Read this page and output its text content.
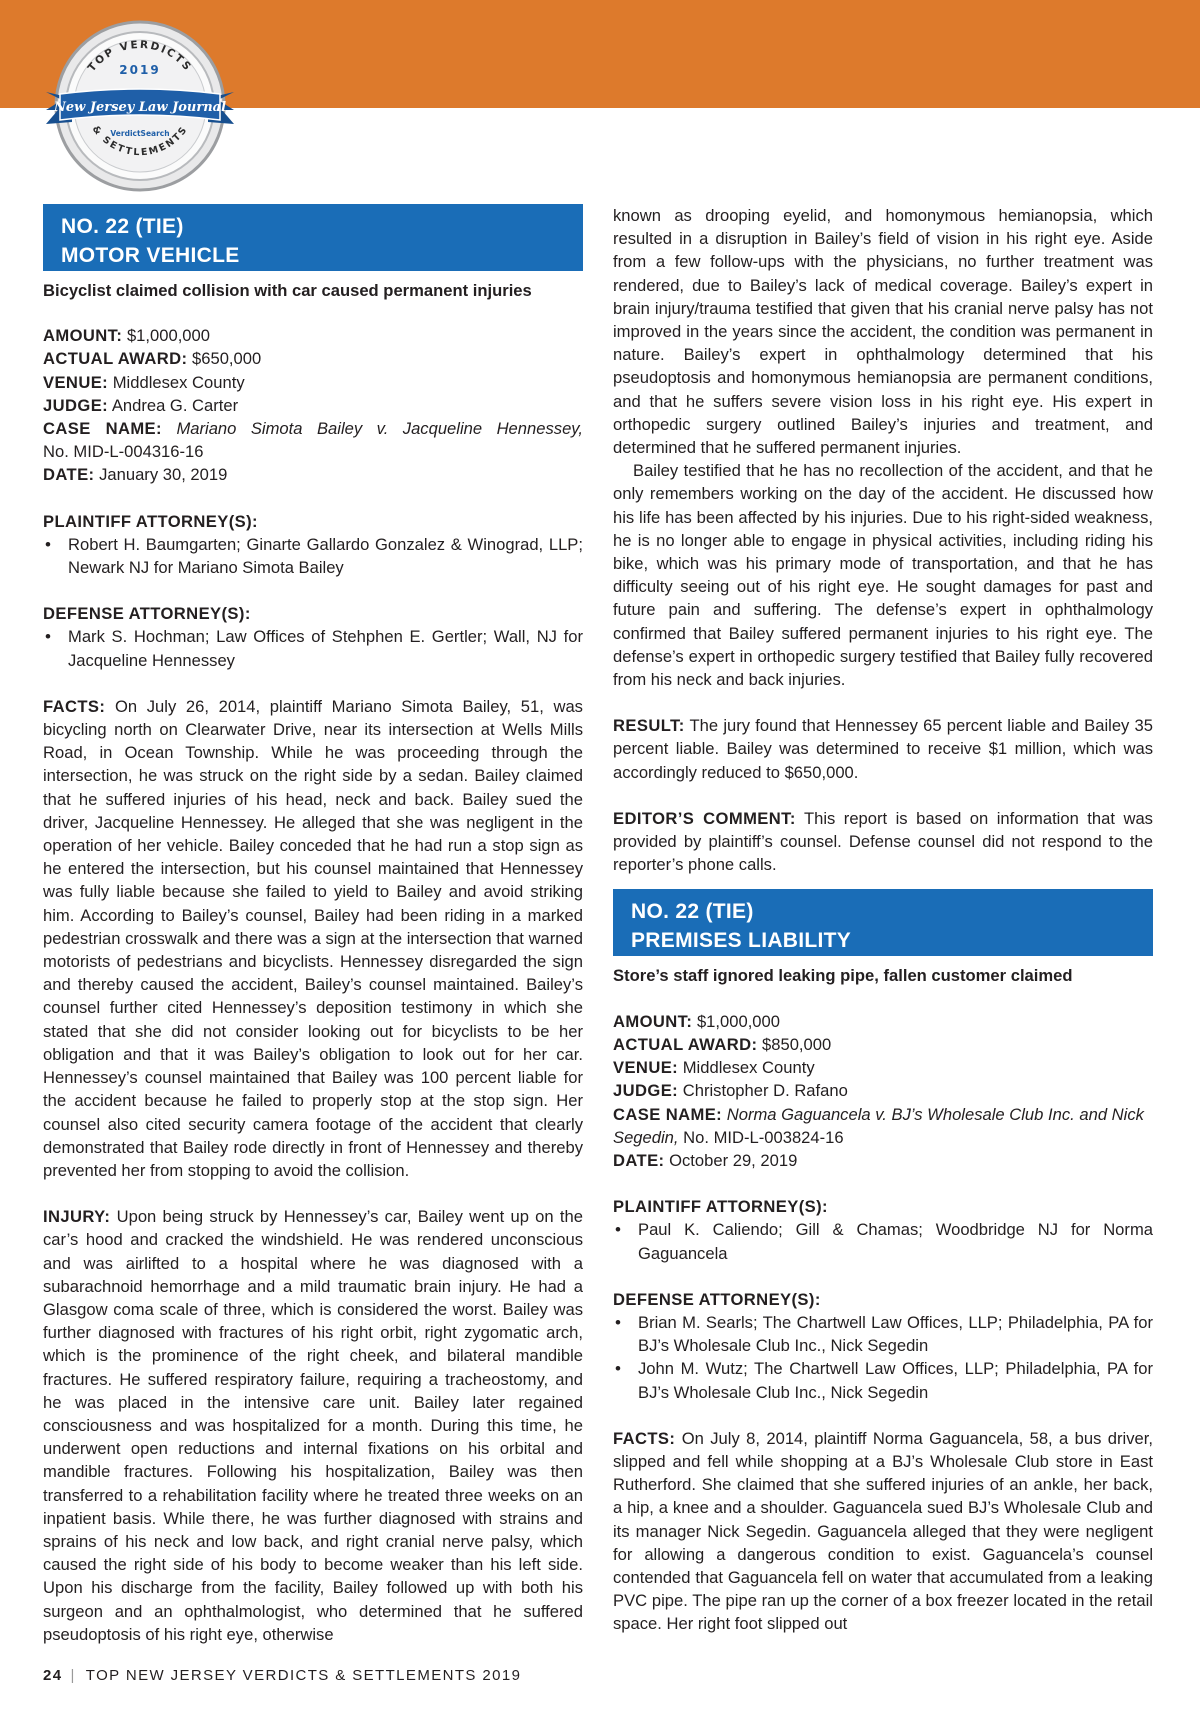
TOP VERDICTS
2019
New Jersey Law Journal
VerdictSearch
& SETTLEMENTS
NO. 22 (TIE)
MOTOR VEHICLE
Bicyclist claimed collision with car caused permanent injuries
AMOUNT: $1,000,000
ACTUAL AWARD: $650,000
VENUE: Middlesex County
JUDGE: Andrea G. Carter
CASE NAME: Mariano Simota Bailey v. Jacqueline Hennessey,
No. MID-L-004316-16
DATE: January 30, 2019
PLAINTIFF ATTORNEY(S):
• Robert H. Baumgarten; Ginarte Gallardo Gonzalez & Winograd, LLP; Newark NJ for Mariano Simota Bailey
DEFENSE ATTORNEY(S):
• Mark S. Hochman; Law Offices of Stehphen E. Gertler; Wall, NJ for Jacqueline Hennessey

FACTS: On July 26, 2014, plaintiff Mariano Simota Bailey, 51, was bicycling north on Clearwater Drive, near its intersection at Wells Mills Road, in Ocean Township. While he was proceeding through the intersection, he was struck on the right side by a sedan. Bailey claimed that he suffered injuries of his head, neck and back. Bailey sued the driver, Jacqueline Hennessey. He alleged that she was negligent in the operation of her vehicle. Bailey conceded that he had run a stop sign as he entered the intersection, but his counsel maintained that Hennessey was fully liable because she failed to yield to Bailey and avoid striking him. According to Bailey’s counsel, Bailey had been riding in a marked pedestrian crosswalk and there was a sign at the intersection that warned motorists of pedestrians and bicyclists. Hennessey disregarded the sign and thereby caused the accident, Bailey’s counsel maintained. Bailey’s counsel further cited Hennessey’s deposition testimony in which she stated that she did not consider looking out for bicyclists to be her obligation and that it was Bailey’s obligation to look out for her car. Hennessey’s counsel maintained that Bailey was 100 percent liable for the accident because he failed to properly stop at the stop sign. Her counsel also cited security camera footage of the accident that clearly demonstrated that Bailey rode directly in front of Hennessey and thereby prevented her from stopping to avoid the collision.

INJURY: Upon being struck by Hennessey’s car, Bailey went up on the car’s hood and cracked the windshield. He was rendered unconscious and was airlifted to a hospital where he was diagnosed with a subarachnoid hemorrhage and a mild traumatic brain injury. He had a Glasgow coma scale of three, which is considered the worst. Bailey was further diagnosed with fractures of his right orbit, right zygomatic arch, which is the prominence of the right cheek, and bilateral mandible fractures. He suffered respiratory failure, requiring a tracheostomy, and he was placed in the intensive care unit. Bailey later regained consciousness and was hospitalized for a month. During this time, he underwent open reductions and internal fixations on his orbital and mandible fractures. Following his hospitalization, Bailey was then transferred to a rehabilitation facility where he treated three weeks on an inpatient basis. While there, he was further diagnosed with strains and sprains of his neck and low back, and right cranial nerve palsy, which caused the right side of his body to become weaker than his left side. Upon his discharge from the facility, Bailey followed up with both his surgeon and an ophthalmologist, who determined that he suffered pseudoptosis of his right eye, otherwise

known as drooping eyelid, and homonymous hemianopsia, which resulted in a disruption in Bailey’s field of vision in his right eye. Aside from a few follow-ups with the physicians, no further treatment was rendered, due to Bailey’s lack of medical coverage. Bailey’s expert in brain injury/trauma testified that given that his cranial nerve palsy has not improved in the years since the accident, the condition was permanent in nature. Bailey’s expert in ophthalmology determined that his pseudoptosis and homonymous hemianopsia are permanent conditions, and that he suffers severe vision loss in his right eye. His expert in orthopedic surgery outlined Bailey’s injuries and treatment, and determined that he suffered permanent injuries.

Bailey testified that he has no recollection of the accident, and that he only remembers working on the day of the accident. He discussed how his life has been affected by his injuries. Due to his right-sided weakness, he is no longer able to engage in physical activities, including riding his bike, which was his primary mode of transportation, and that he has difficulty seeing out of his right eye. He sought damages for past and future pain and suffering. The defense’s expert in ophthalmology confirmed that Bailey suffered permanent injuries to his right eye. The defense’s expert in orthopedic surgery testified that Bailey fully recovered from his neck and back injuries.

RESULT: The jury found that Hennessey 65 percent liable and Bailey 35 percent liable. Bailey was determined to receive $1 million, which was accordingly reduced to $650,000.

EDITOR’S COMMENT: This report is based on information that was provided by plaintiff’s counsel. Defense counsel did not respond to the reporter’s phone calls.

NO. 22 (TIE)
PREMISES LIABILITY
Store’s staff ignored leaking pipe, fallen customer claimed
AMOUNT: $1,000,000
ACTUAL AWARD: $850,000
VENUE: Middlesex County
JUDGE: Christopher D. Rafano
CASE NAME: Norma Gaguancela v. BJ’s Wholesale Club Inc. and Nick Segedin, No. MID-L-003824-16
DATE: October 29, 2019
PLAINTIFF ATTORNEY(S):
• Paul K. Caliendo; Gill & Chamas; Woodbridge NJ for Norma Gaguancela
DEFENSE ATTORNEY(S):
• Brian M. Searls; The Chartwell Law Offices, LLP; Philadelphia, PA for BJ’s Wholesale Club Inc., Nick Segedin
• John M. Wutz; The Chartwell Law Offices, LLP; Philadelphia, PA for BJ’s Wholesale Club Inc., Nick Segedin

FACTS: On July 8, 2014, plaintiff Norma Gaguancela, 58, a bus driver, slipped and fell while shopping at a BJ’s Wholesale Club store in East Rutherford. She claimed that she suffered injuries of an ankle, her back, a hip, a knee and a shoulder. Gaguancela sued BJ’s Wholesale Club and its manager Nick Segedin. Gaguancela alleged that they were negligent for allowing a dangerous condition to exist. Gaguancela’s counsel contended that Gaguancela fell on water that accumulated from a leaking PVC pipe. The pipe ran up the corner of a box freezer located in the retail space. Her right foot slipped out

24 | TOP NEW JERSEY VERDICTS & SETTLEMENTS 2019
